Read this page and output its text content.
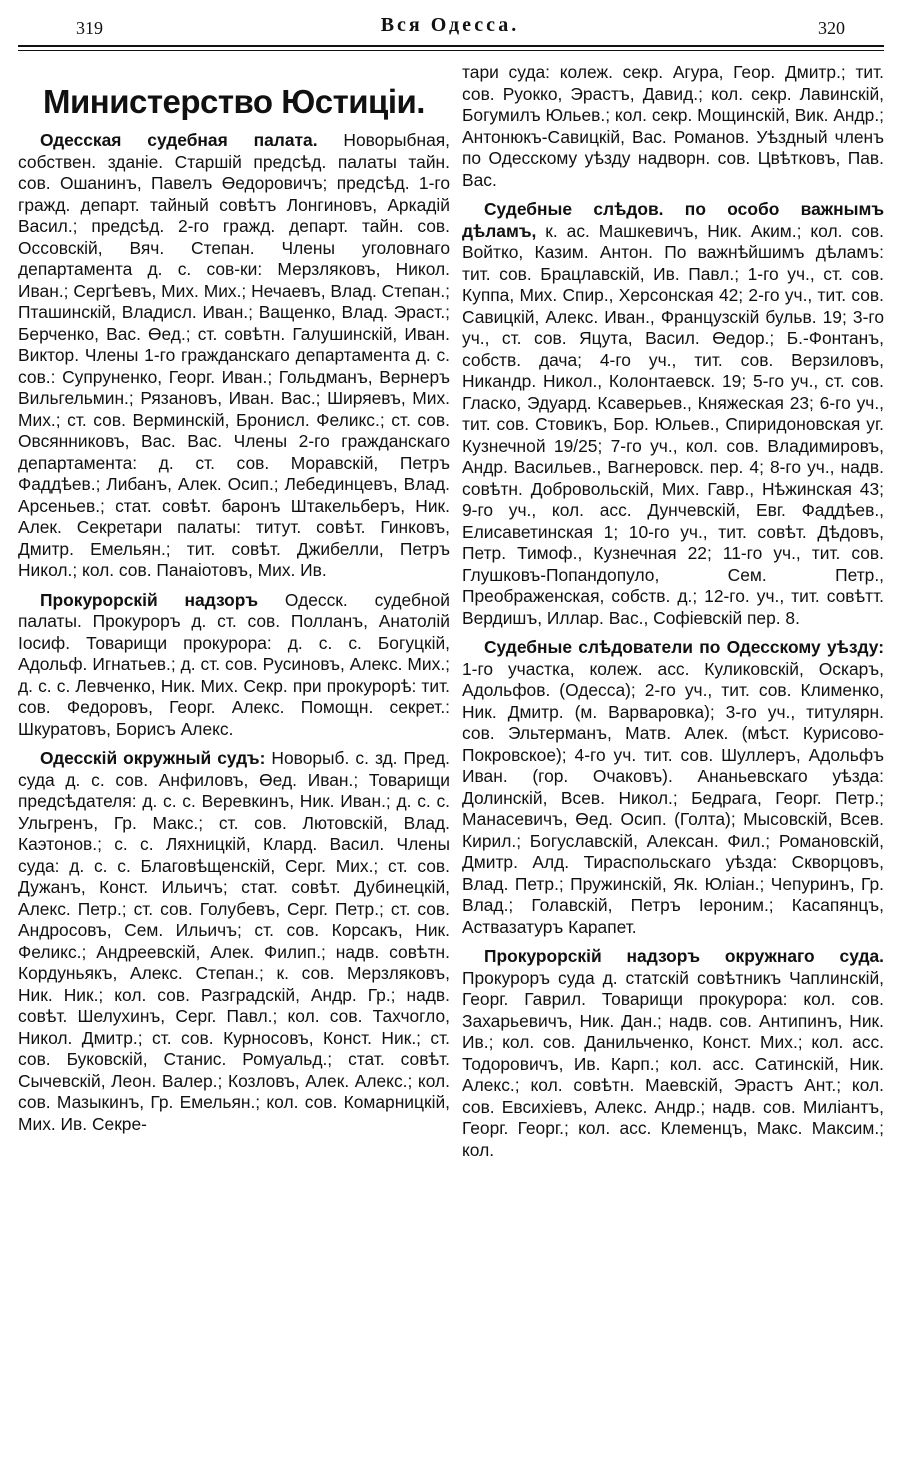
319	Вся Одесса.	320
Министерство Юстиціи.

Одесская судебная палата. Новорыбная, собствен. зданіе. Старшій предсѣд. палаты тайн. сов. Ошанинъ, Павелъ Өедоровичъ; предсѣд. 1-го гражд. департ. тайный совѣтъ Лонгиновъ, Аркадій Васил.; предсѣд. 2-го гражд. департ. тайн. сов. Оссовскій, Вяч. Степан. Члены уголовнаго департамента д. с. сов-ки: Мерзляковъ, Никол. Иван.; Сергѣевъ, Мих. Мих.; Нечаевъ, Влад. Степан.; Пташинскій, Владисл. Иван.; Ващенко, Влад. Эраст.; Берченко, Вас. Өед.; ст. совѣтн. Галушинскій, Иван. Виктор. Члены 1-го гражданскаго департамента д. с. сов.: Супруненко, Георг. Иван.; Гольдманъ, Вернеръ Вильгельмин.; Рязановъ, Иван. Вас.; Ширяевъ, Мих. Мих.; ст. сов. Верминскій, Бронисл. Феликс.; ст. сов. Овсянниковъ, Вас. Вас. Члены 2-го гражданскаго департамента: д. ст. сов. Моравскій, Петръ Фаддѣев.; Либанъ, Алек. Осип.; Лебединцевъ, Влад. Арсеньев.; стат. совѣт. баронъ Штакельберъ, Ник. Алек. Секретари палаты: титут. совѣт. Гинковъ, Дмитр. Емельян.; тит. совѣт. Джибелли, Петръ Никол.; кол. сов. Панаіотовъ, Мих. Ив.

Прокурорскій надзоръ Одесск. судебной палаты. Прокуроръ д. ст. сов. Полланъ, Анатолій Іосиф. Товарищи прокурора: д. с. с. Богуцкій, Адольф. Игнатьев.; д. ст. сов. Русиновъ, Алекс. Мих.; д. с. с. Левченко, Ник. Мих. Секр. при прокурорѣ: тит. сов. Федоровъ, Георг. Алекс. Помощн. секрет.: Шкуратовъ, Борисъ Алекс.

Одесскій окружный судъ: Новорыб. с. зд. Пред. суда д. с. сов. Анфиловъ, Өед. Иван.; Товарищи предсѣдателя: д. с. с. Веревкинъ, Ник. Иван.; д. с. с. Ульгренъ, Гр. Макс.; ст. сов. Лютовскій, Влад. Каэтонов.; с. с. Ляхницкій, Клард. Васил. Члены суда: д. с. с. Благовѣщенскій, Серг. Мих.; ст. сов. Дужанъ, Конст. Ильичъ; стат. совѣт. Дубинецкій, Алекс. Петр.; ст. сов. Голубевъ, Серг. Петр.; ст. сов. Андросовъ, Сем. Ильичъ; ст. сов. Корсакъ, Ник. Феликс.; Андреевскій, Алек. Филип.; надв. совѣтн. Кордуньякъ, Алекс. Степан.; к. сов. Мерзляковъ, Ник. Ник.; кол. сов. Разградскій, Андр. Гр.; надв. совѣт. Шелухинъ, Серг. Павл.; кол. сов. Тахчогло, Никол. Дмитр.; ст. сов. Курносовъ, Конст. Ник.; ст. сов. Буковскій, Станис. Ромуальд.; стат. совѣт. Сычевскій, Леон. Валер.; Козловъ, Алек. Алекс.; кол. сов. Мазыкинъ, Гр. Емельян.; кол. сов. Комарницкій, Мих. Ив. Секре-

тари суда: колеж. секр. Агура, Геор. Дмитр.; тит. сов. Руокко, Эрастъ, Давид.; кол. секр. Лавинскій, Богумилъ Юльев.; кол. секр. Мощинскій, Вик. Андр.; Антонюкъ-Савицкій, Вас. Романов. Уѣздный членъ по Одесскому уѣзду надворн. сов. Цвѣтковъ, Пав. Вас.

Судебные слѣдов. по особо важнымъ дѣламъ, к. ас. Машкевичъ, Ник. Аким.; кол. сов. Войтко, Казим. Антон. По важнѣйшимъ дѣламъ: тит. сов. Брацлавскій, Ив. Павл.; 1-го уч., ст. сов. Куппа, Мих. Спир., Херсонская 42; 2-го уч., тит. сов. Савицкій, Алекс. Иван., Французскій бульв. 19; 3-го уч., ст. сов. Яцута, Васил. Өедор.; Б.-Фонтанъ, собств. дача; 4-го уч., тит. сов. Верзиловъ, Никандр. Никол., Колонтаевск. 19; 5-го уч., ст. сов. Гласко, Эдуард. Ксаверьев., Княжеская 23; 6-го уч., тит. сов. Стовикъ, Бор. Юльев., Спиридоновская уг. Кузнечной 19/25; 7-го уч., кол. сов. Владимировъ, Андр. Васильев., Вагнеровск. пер. 4; 8-го уч., надв. совѣтн. Добровольскій, Мих. Гавр., Нѣжинская 43; 9-го уч., кол. асс. Дунчевскій, Евг. Фаддѣев., Елисаветинская 1; 10-го уч., тит. совѣт. Дѣдовъ, Петр. Тимоф., Кузнечная 22; 11-го уч., тит. сов. Глушковъ-Попандопуло, Сем. Петр., Преображенская, собств. д.; 12-го. уч., тит. совѣтт. Вердишъ, Иллар. Вас., Софіевскій пер. 8.

Судебные слѣдователи по Одесскому уѣзду: 1-го участка, колеж. асс. Куликовскій, Оскаръ, Адольфов. (Одесса); 2-го уч., тит. сов. Клименко, Ник. Дмитр. (м. Варваровка); 3-го уч., титулярн. сов. Эльтерманъ, Матв. Алек. (мѣст. Курисово-Покровское); 4-го уч. тит. сов. Шуллеръ, Адольфъ Иван. (гор. Очаковъ). Ананьевскаго уѣзда: Долинскій, Всев. Никол.; Бедрага, Георг. Петр.; Манасевичъ, Өед. Осип. (Голта); Мысовскій, Всев. Кирил.; Богуславскій, Алексан. Фил.; Романовскій, Дмитр. Алд. Тираспольскаго уѣзда: Скворцовъ, Влад. Петр.; Пружинскій, Як. Юліан.; Чепуринъ, Гр. Влад.; Голавскій, Петръ Іероним.; Касапянцъ, Аствазатуръ Карапет.

Прокурорскій надзоръ окружнаго суда. Прокуроръ суда д. статскій совѣтникъ Чаплинскій, Георг. Гаврил. Товарищи прокурора: кол. сов. Захарьевичъ, Ник. Дан.; надв. сов. Антипинъ, Ник. Ив.; кол. сов. Данильченко, Конст. Мих.; кол. асс. Тодоровичъ, Ив. Карп.; кол. асс. Сатинскій, Ник. Алекс.; кол. совѣтн. Маевскій, Эрастъ Ант.; кол. сов. Евсихіевъ, Алекс. Андр.; надв. сов. Миліантъ, Георг. Георг.; кол. асс. Клеменцъ, Макс. Максим.; кол.
